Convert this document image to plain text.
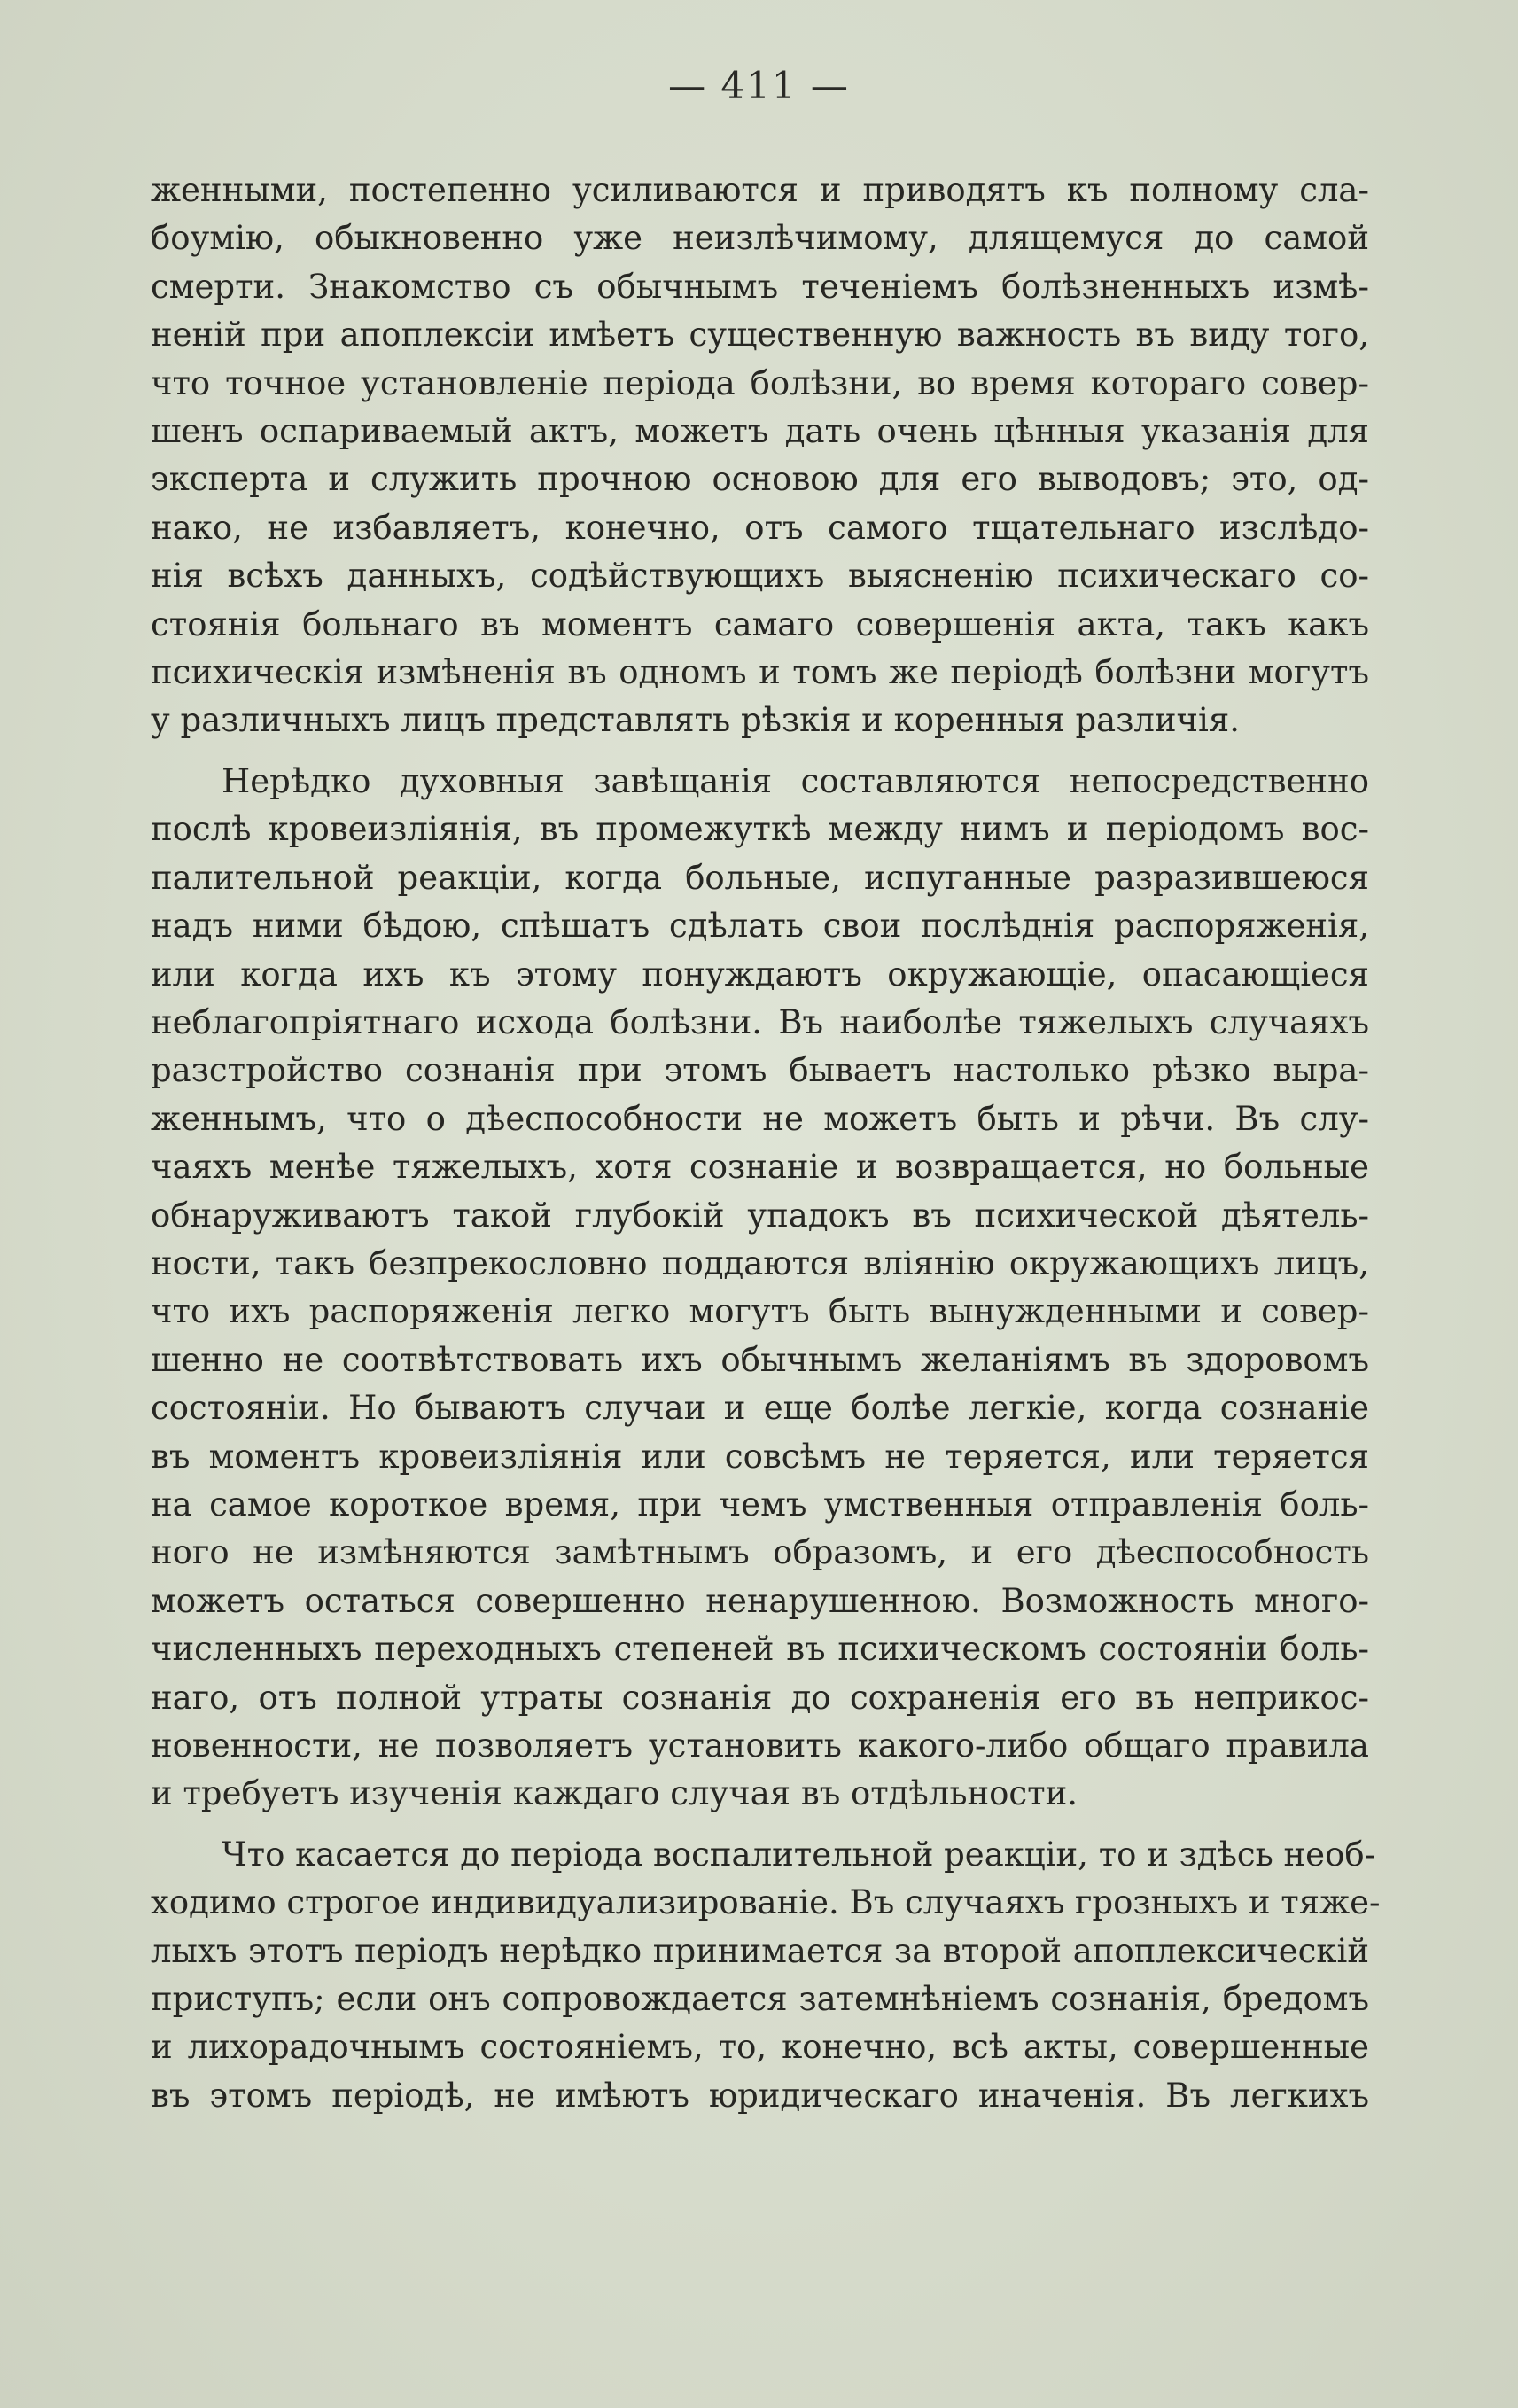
— 411 —

женными, постепенно усиливаются и приводятъ къ полному сла-

боумію, обыкновенно уже неизлѣчимому, длящемуся до самой

смерти. Знакомство съ обычнымъ теченіемъ болѣзненныхъ измѣ-

неній при апоплексіи имѣетъ существенную важность въ виду того,

что точное установленіе періода болѣзни, во время котораго совер-

шенъ оспариваемый актъ, можетъ дать очень цѣнныя указанія для

эксперта и служить прочною основою для его выводовъ; это, од-

нако, не избавляетъ, конечно, отъ самого тщательнаго изслѣдо-

нія всѣхъ данныхъ, содѣйствующихъ выясненію психическаго со-

стоянія больнаго въ моментъ самаго совершенія акта, такъ какъ

психическія измѣненія въ одномъ и томъ же періодѣ болѣзни могутъ

у различныхъ лицъ представлять рѣзкія и коренныя различія.

Нерѣдко духовныя завѣщанія составляются непосредственно

послѣ кровеизліянія, въ промежуткѣ между нимъ и періодомъ вос-

палительной реакціи, когда больные, испуганные разразившеюся

надъ ними бѣдою, спѣшатъ сдѣлать свои послѣднія распоряженія,

или когда ихъ къ этому понуждаютъ окружающіе, опасающіеся

неблагопріятнаго исхода болѣзни. Въ наиболѣе тяжелыхъ случаяхъ

разстройство сознанія при этомъ бываетъ настолько рѣзко выра-

женнымъ, что о дѣеспособности не можетъ быть и рѣчи. Въ слу-

чаяхъ менѣе тяжелыхъ, хотя сознаніе и возвращается, но больные

обнаруживаютъ такой глубокій упадокъ въ психической дѣятель-

ности, такъ безпрекословно поддаются вліянію окружающихъ лицъ,

что ихъ распоряженія легко могутъ быть вынужденными и совер-

шенно не соотвѣтствовать ихъ обычнымъ желаніямъ въ здоровомъ

состояніи. Но бываютъ случаи и еще болѣе легкіе, когда сознаніе

въ моментъ кровеизліянія или совсѣмъ не теряется, или теряется

на самое короткое время, при чемъ умственныя отправленія боль-

ного не измѣняются замѣтнымъ образомъ, и его дѣеспособность

можетъ остаться совершенно ненарушенною. Возможность много-

численныхъ переходныхъ степеней въ психическомъ состояніи боль-

наго, отъ полной утраты сознанія до сохраненія его въ неприкос-

новенности, не позволяетъ установить какого-либо общаго правила

и требуетъ изученія каждаго случая въ отдѣльности.

Что касается до періода воспалительной реакціи, то и здѣсь необ-

ходимо строгое индивидуализированіе. Въ случаяхъ грозныхъ и тяже-

лыхъ этотъ періодъ нерѣдко принимается за второй апоплексическій

приступъ; если онъ сопровождается затемнѣніемъ сознанія, бредомъ

и лихорадочнымъ состояніемъ, то, конечно, всѣ акты, совершенные

въ этомъ періодѣ, не имѣютъ юридическаго иначенія. Въ легкихъ
